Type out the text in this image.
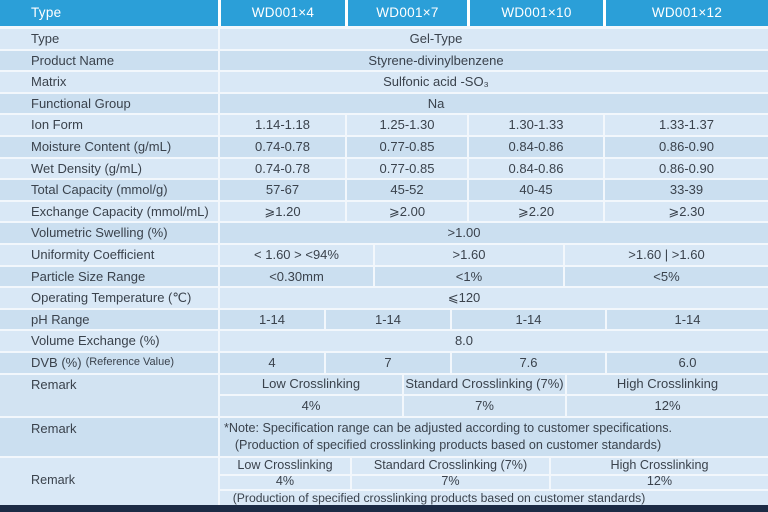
Type	WD001×4	WD001×7	WD001×10	WD001×12
Type	Gel-Type
Product Name	Styrene-divinylbenzene
Matrix	Sulfonic acid -SO₃
Functional Group	Na
Ion Form	1.14-1.18	1.25-1.30	1.30-1.33	1.33-1.37
Moisture Content (g/mL)	0.74-0.78	0.77-0.85	0.84-0.86	0.86-0.90
Wet Density (g/mL)	0.74-0.78	0.77-0.85	0.84-0.86	0.86-0.90
Total Capacity (mmol/g)	57-67	45-52	40-45	33-39
Exchange Capacity (mmol/mL)	⩾1.20	⩾2.00	⩾2.20	⩾2.30
Volumetric Swelling (%)	>1.00
Uniformity Coefficient	< 1.60 > <94%	>1.60	>1.60 | >1.60
Particle Size Range	<0.30mm	<1%	<5%
Operating Temperature (℃)	⩽120
pH Range	1-14	1-14	1-14	1-14
Volume Exchange (%)	8.0
DVB (%) (Reference Value)	4	7	7.6	6.0
Remark	Low Crosslinking	Standard Crosslinking (7%)	High Crosslinking
4%	7%	12%
Remark	*Note: Specification range can be adjusted according to customer specifications.
(Production of specified crosslinking products based on customer standards)
Remark
Low Crosslinking	Standard Crosslinking (7%)	High Crosslinking
4%	7%	12%
(Production of specified crosslinking products based on customer standards)
